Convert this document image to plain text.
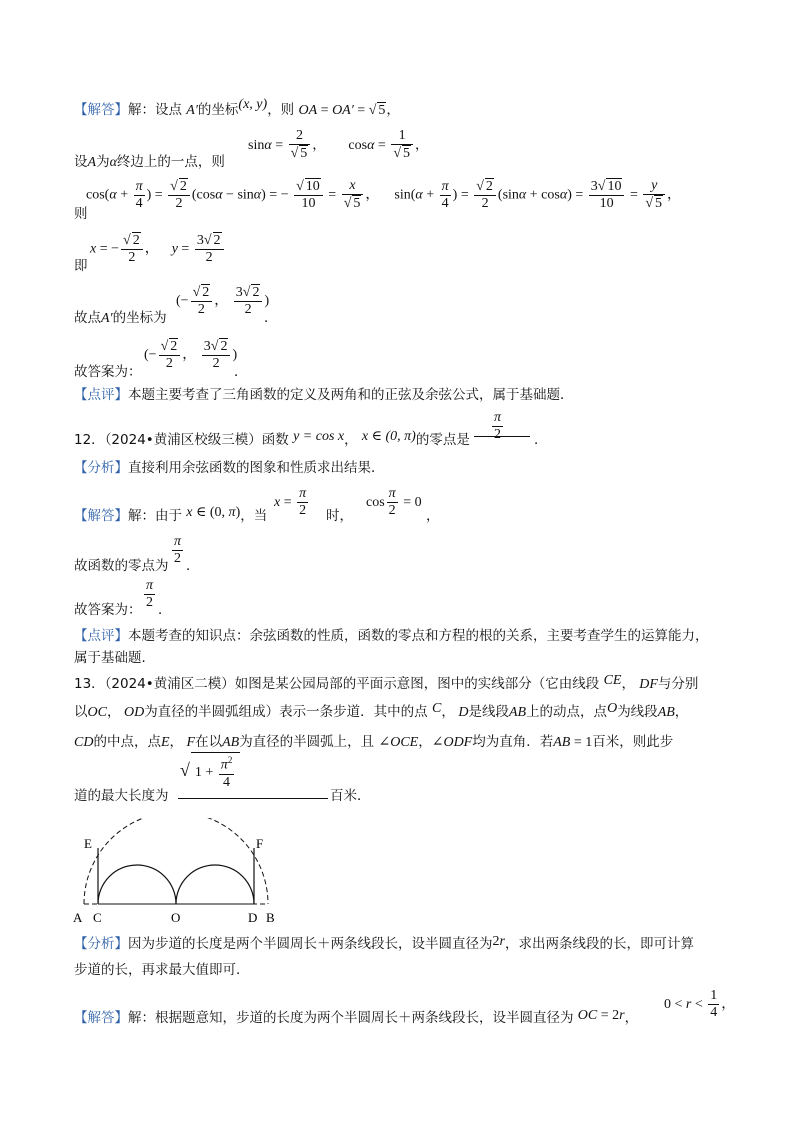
【解答】解：设点 A′的坐标(x, y)，则 OA = OA′ = √ 5，
设A为α终边上的一点，则
$\sin\alpha = \frac{2}{√ 5}$ ，  $\cos\alpha = \frac{1}{√ 5}$ ，
则
$\cos(\alpha + \frac{\pi}{4}$ ) = $\frac{√ 2}{2} (\cos\alpha - \sin\alpha)$ = − $\frac{√ 10}{10} = \frac{x}{√ 5}$ ， $\sin(\alpha + \frac{\pi}{4}$ ) = $\frac{√ 2}{2} (\sin\alpha + \cos\alpha) = \frac{3√ 10}{10} = \frac{y}{√ 5}$ ，
即
x = − $\frac{√ 2}{2}$ ，  $y = \frac{3√ 2}{2}$
故点A′的坐标为
(− $\frac{√ 2}{2}$ ， $\frac{3√ 2}{2}$ )
．
故答案为：
(− $\frac{√ 2}{2}$ ， $\frac{3√ 2}{2}$ )
．
【点评】本题主要考查了三角函数的定义及两角和的正弦及余弦公式，属于基础题．
12．（2024•黄浦区校级三模）函数 y = cos x， x ∈ (0, π)的零点是 $\frac{\pi}{2}$ ．
【分析】直接利用余弦函数的图象和性质求出结果．
【解答】解：由于 x ∈ (0, π)，当
$x = \frac{\pi}{2}$ 时，
$\cos \frac{\pi}{2} = 0$
，
故函数的零点为 $\frac{\pi}{2}$ ．
故答案为： $\frac{\pi}{2}$ ．
【点评】本题考查的知识点：余弦函数的性质，函数的零点和方程的根的关系，主要考查学生的运算能力，
属于基础题．
13．（2024•黄浦区二模）如图是某公园局部的平面示意图，图中的实线部分（它由线段 CE， DF与分别
以OC， OD为直径的半圆弧组成）表示一条步道．其中的点 C， D是线段AB上的动点，点O为线段AB，
CD的中点，点E， F在以AB为直径的半圆弧上，且 ∠OCE，∠ODF均为直角．若AB = 1百米，则此步
道的最大长度为
√ $1 + \frac{\pi^2}{4}$
百米．
E	F
A C	O	D B
【分析】因为步道的长度是两个半圆周长＋两条线段长，设半圆直径为2r，求出两条线段的长，即可计算
步道的长，再求最大值即可．
【解答】解：根据题意知，步道的长度为两个半圆周长＋两条线段长，设半圆直径为 OC = 2r，
$0 < r < \frac{1}{4}$ ，
